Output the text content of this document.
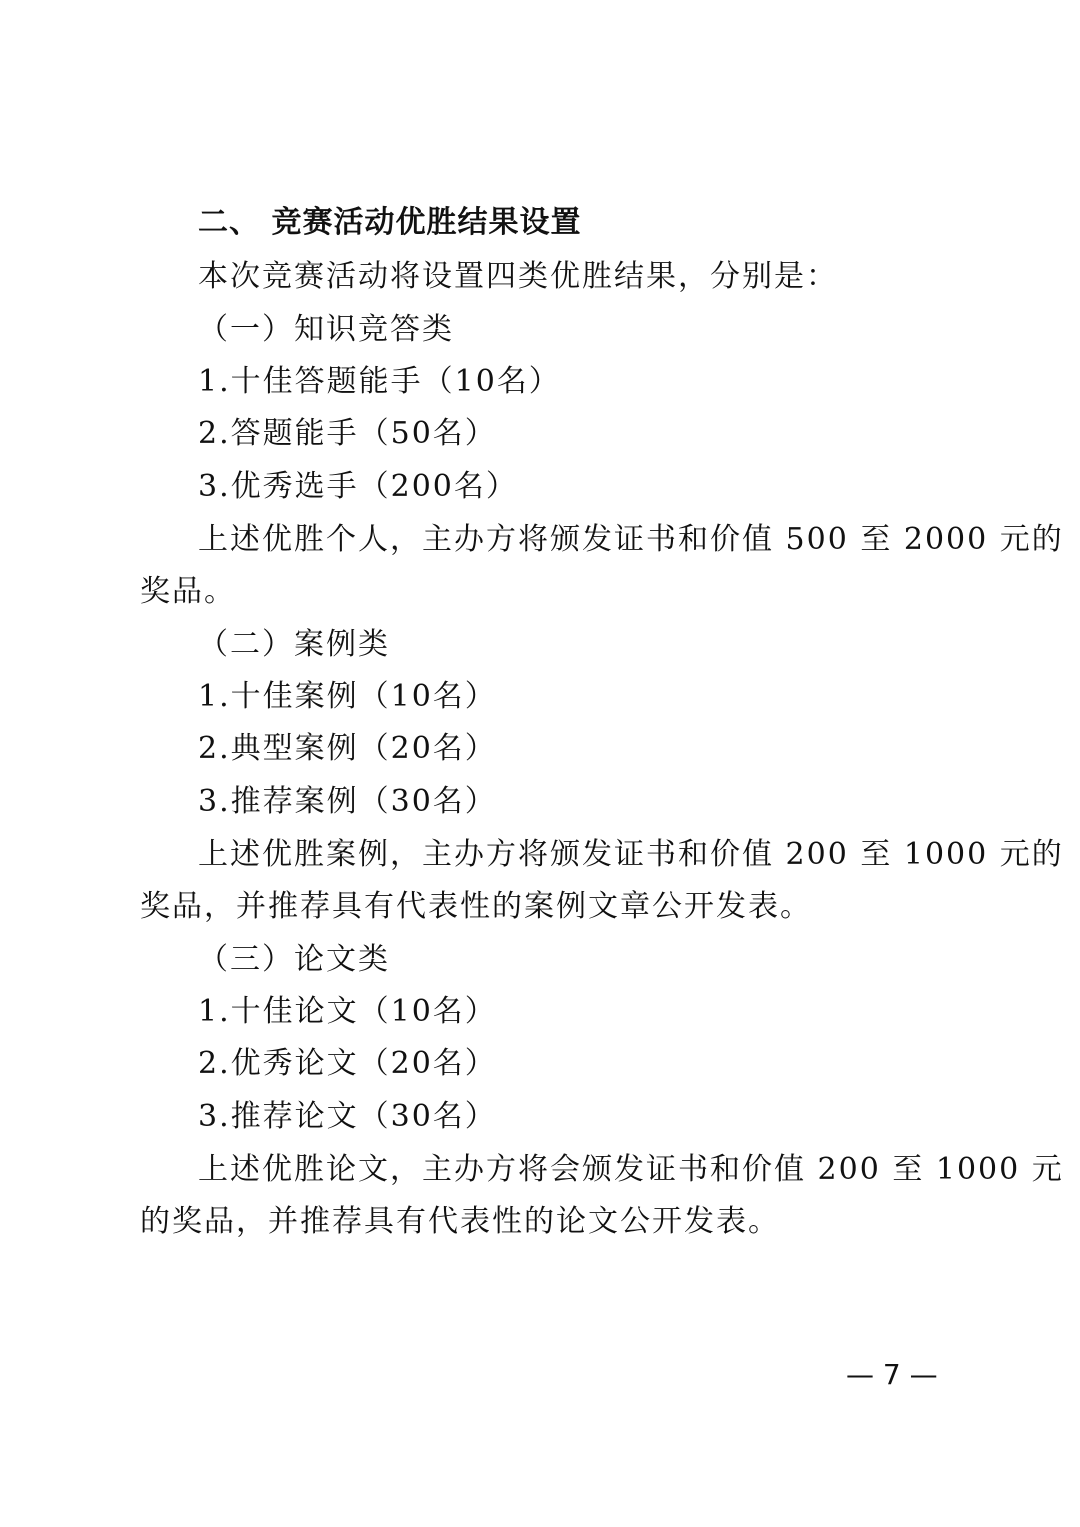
二、 竞赛活动优胜结果设置
本次竞赛活动将设置四类优胜结果，分别是：
（一）知识竞答类
1.十佳答题能手（10名）
2.答题能手（50名）
3.优秀选手（200名）
上述优胜个人，主办方将颁发证书和价值 500 至 2000 元的
奖品。
（二）案例类
1.十佳案例（10名）
2.典型案例（20名）
3.推荐案例（30名）
上述优胜案例，主办方将颁发证书和价值 200 至 1000 元的
奖品，并推荐具有代表性的案例文章公开发表。
（三）论文类
1.十佳论文（10名）
2.优秀论文（20名）
3.推荐论文（30名）
上述优胜论文，主办方将会颁发证书和价值 200 至 1000 元
的奖品，并推荐具有代表性的论文公开发表。
— 7 —
